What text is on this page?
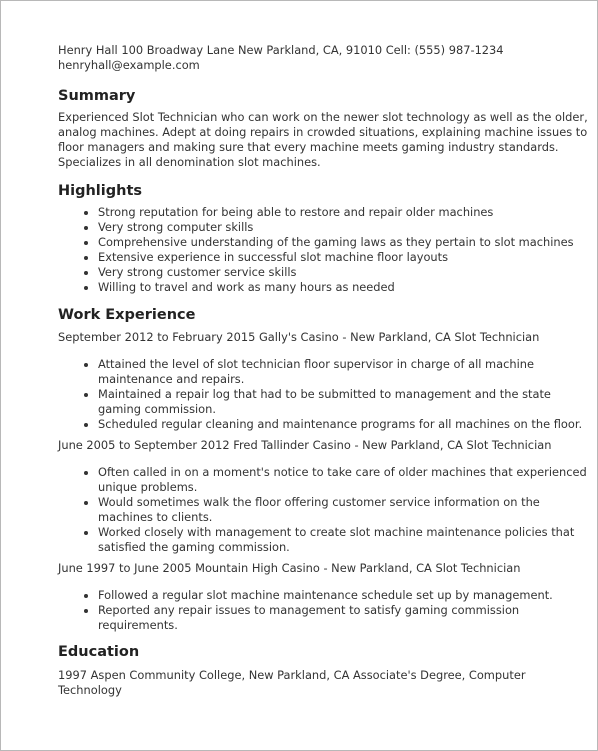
Henry Hall 100 Broadway Lane New Parkland, CA, 91010 Cell: (555) 987-1234

henryhall@example.com

Summary

Experienced Slot Technician who can work on the newer slot technology as well as the older, analog machines. Adept at doing repairs in crowded situations, explaining machine issues to floor managers and making sure that every machine meets gaming industry standards. Specializes in all denomination slot machines.

Highlights
• Strong reputation for being able to restore and repair older machines
• Very strong computer skills
• Comprehensive understanding of the gaming laws as they pertain to slot machines
• Extensive experience in successful slot machine floor layouts
• Very strong customer service skills
• Willing to travel and work as many hours as needed
Work Experience

September 2012 to February 2015 Gally's Casino - New Parkland, CA Slot Technician

• Attained the level of slot technician floor supervisor in charge of all machine maintenance and repairs.
• Maintained a repair log that had to be submitted to management and the state gaming commission.
• Scheduled regular cleaning and maintenance programs for all machines on the floor.

June 2005 to September 2012 Fred Tallinder Casino - New Parkland, CA Slot Technician

• Often called in on a moment's notice to take care of older machines that experienced unique problems.
• Would sometimes walk the floor offering customer service information on the machines to clients.
• Worked closely with management to create slot machine maintenance policies that satisfied the gaming commission.

June 1997 to June 2005 Mountain High Casino - New Parkland, CA Slot Technician

• Followed a regular slot machine maintenance schedule set up by management.
• Reported any repair issues to management to satisfy gaming commission requirements.
Education

1997 Aspen Community College, New Parkland, CA Associate's Degree, Computer Technology
